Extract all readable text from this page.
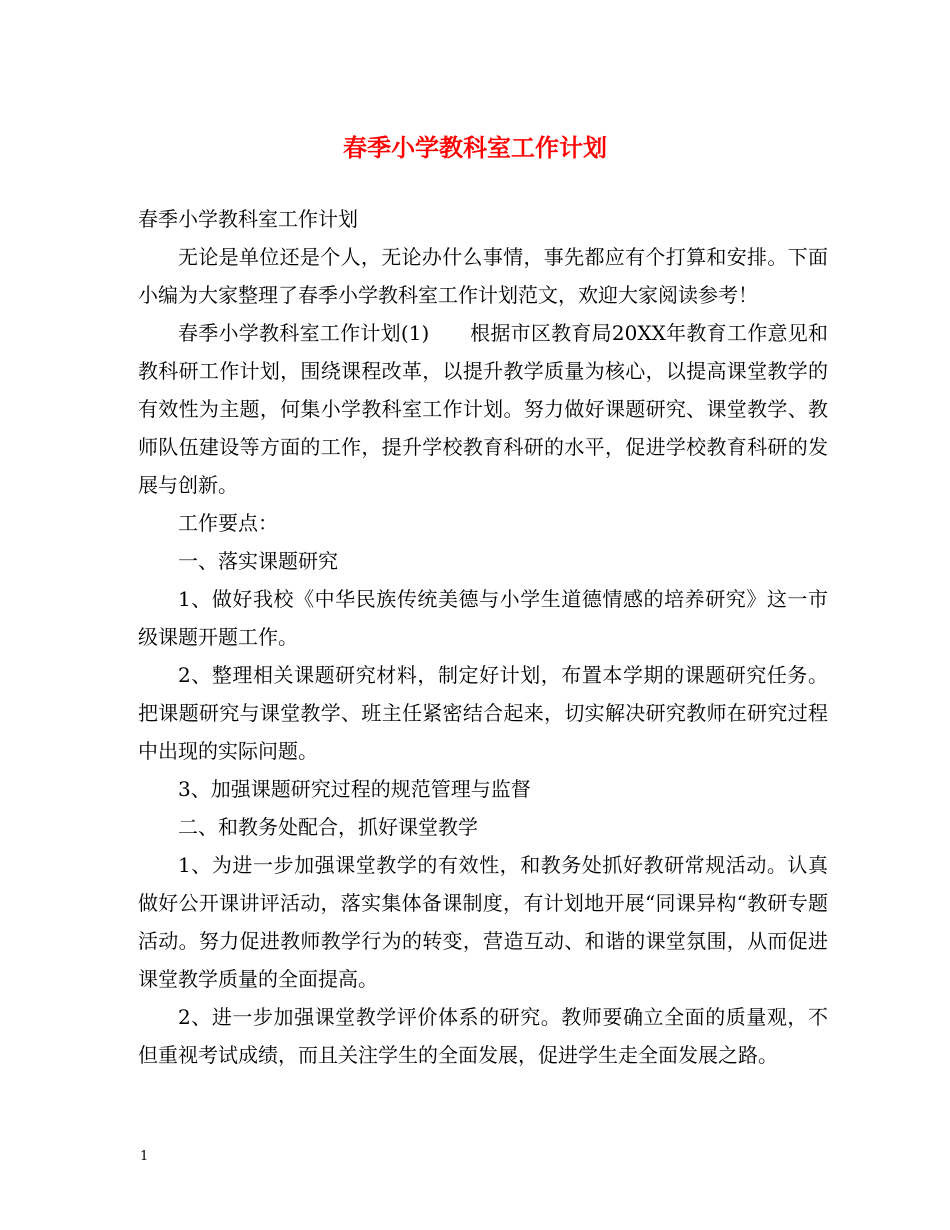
春季小学教科室工作计划

春季小学教科室工作计划

无论是单位还是个人，无论办什么事情，事先都应有个打算和安排。下面小编为大家整理了春季小学教科室工作计划范文，欢迎大家阅读参考！

春季小学教科室工作计划(1)　　根据市区教育局20XX年教育工作意见和教科研工作计划，围绕课程改革，以提升教学质量为核心，以提高课堂教学的有效性为主题，何集小学教科室工作计划。努力做好课题研究、课堂教学、教师队伍建设等方面的工作，提升学校教育科研的水平，促进学校教育科研的发展与创新。

工作要点：

一、落实课题研究

1、做好我校《中华民族传统美德与小学生道德情感的培养研究》这一市级课题开题工作。

2、整理相关课题研究材料，制定好计划，布置本学期的课题研究任务。把课题研究与课堂教学、班主任紧密结合起来，切实解决研究教师在研究过程中出现的实际问题。

3、加强课题研究过程的规范管理与监督

二、和教务处配合，抓好课堂教学

1、为进一步加强课堂教学的有效性，和教务处抓好教研常规活动。认真做好公开课讲评活动，落实集体备课制度，有计划地开展“同课异构“教研专题活动。努力促进教师教学行为的转变，营造互动、和谐的课堂氛围，从而促进课堂教学质量的全面提高。

2、进一步加强课堂教学评价体系的研究。教师要确立全面的质量观，不但重视考试成绩，而且关注学生的全面发展，促进学生走全面发展之路。

1
